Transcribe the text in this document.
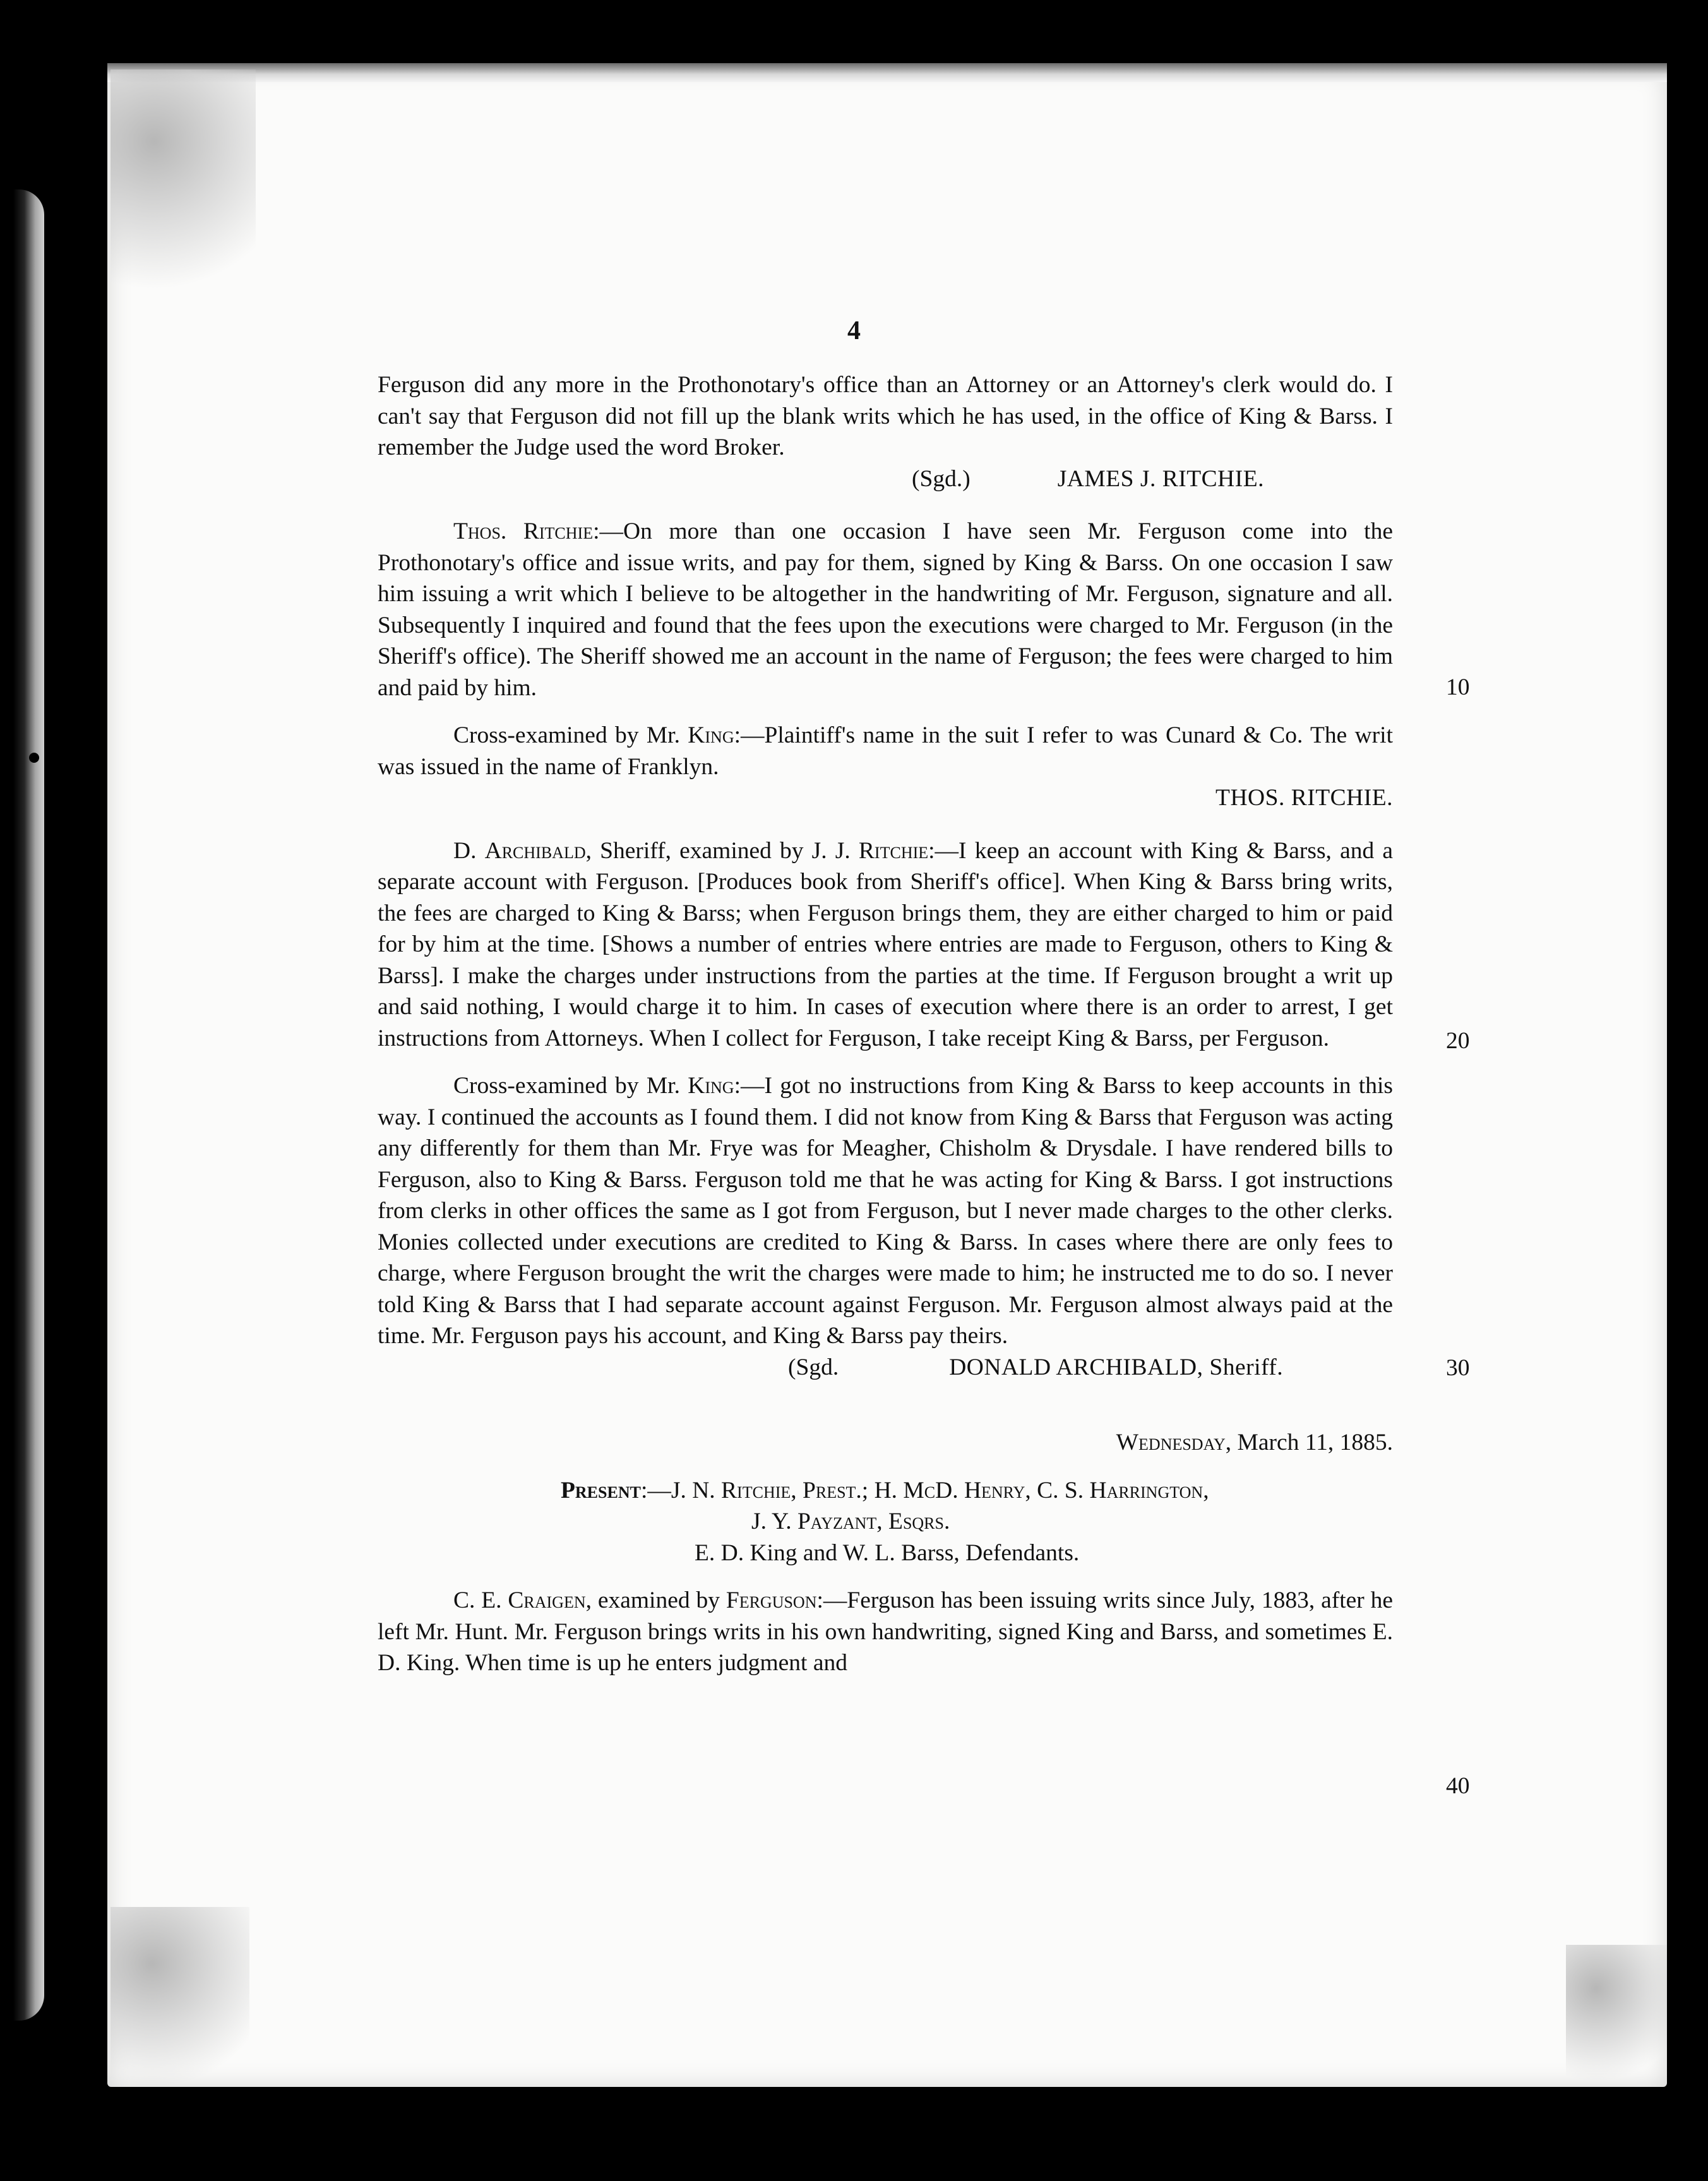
4

Ferguson did any more in the Prothonotary's office than an Attorney or an Attorney's clerk would do. I can't say that Ferguson did not fill up the blank writs which he has used, in the office of King & Barss. I remember the Judge used the word Broker.

(Sgd.)	JAMES J. RITCHIE.

Thos. Ritchie:—On more than one occasion I have seen Mr. Ferguson come into the Prothonotary's office and issue writs, and pay for them, signed by King & Barss. On one occasion I saw him issuing a writ which I believe to be altogether in the handwriting of Mr. Ferguson, signature and all. Subsequently I inquired and found that the fees upon the executions were charged to Mr. Ferguson (in the Sheriff's office). The Sheriff showed me an account in the name of Ferguson; the fees were charged to him and paid by him.

Cross-examined by Mr. King:—Plaintiff's name in the suit I refer to was Cunard & Co. The writ was issued in the name of Franklyn.

THOS. RITCHIE.

D. Archibald, Sheriff, examined by J. J. Ritchie:—I keep an account with King & Barss, and a separate account with Ferguson. [Produces book from Sheriff's office]. When King & Barss bring writs, the fees are charged to King & Barss; when Ferguson brings them, they are either charged to him or paid for by him at the time. [Shows a number of entries where entries are made to Ferguson, others to King & Barss]. I make the charges under instructions from the parties at the time. If Ferguson brought a writ up and said nothing, I would charge it to him. In cases of execution where there is an order to arrest, I get instructions from Attorneys. When I collect for Ferguson, I take receipt King & Barss, per Ferguson.

Cross-examined by Mr. King:—I got no instructions from King & Barss to keep accounts in this way. I continued the accounts as I found them. I did not know from King & Barss that Ferguson was acting any differently for them than Mr. Frye was for Meagher, Chisholm & Drysdale. I have rendered bills to Ferguson, also to King & Barss. Ferguson told me that he was acting for King & Barss. I got instructions from clerks in other offices the same as I got from Ferguson, but I never made charges to the other clerks. Monies collected under executions are credited to King & Barss. In cases where there are only fees to charge, where Ferguson brought the writ the charges were made to him; he instructed me to do so. I never told King & Barss that I had separate account against Ferguson. Mr. Ferguson almost always paid at the time. Mr. Ferguson pays his account, and King & Barss pay theirs.

(Sgd.	DONALD ARCHIBALD, Sheriff.

Wednesday, March 11, 1885.

Present:—J. N. Ritchie, Prest.; H. McD. Henry, C. S. Harrington,

J. Y. Payzant, Esqrs.

E. D. King and W. L. Barss, Defendants.

C. E. Craigen, examined by Ferguson:—Ferguson has been issuing writs since July, 1883, after he left Mr. Hunt. Mr. Ferguson brings writs in his own handwriting, signed King and Barss, and sometimes E. D. King. When time is up he enters judgment and

10
20
30
40
